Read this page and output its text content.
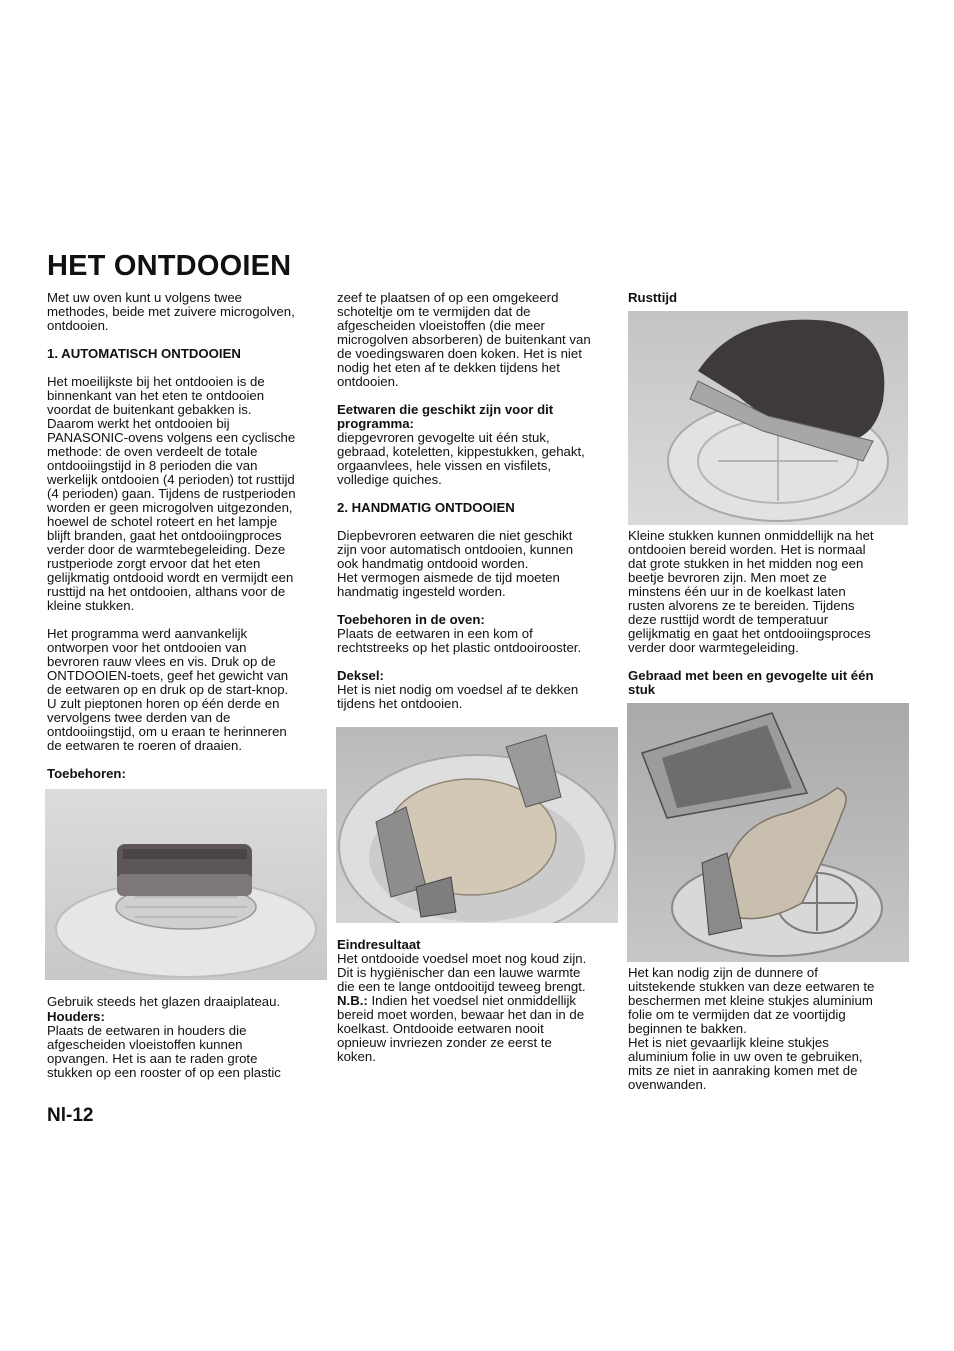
HET ONTDOOIEN

Met uw oven kunt u volgens twee
methodes, beide met zuivere microgolven,
ontdooien.

1. AUTOMATISCH ONTDOOIEN

Het moeilijkste bij het ontdooien is de
binnenkant van het eten te ontdooien
voordat de buitenkant gebakken is.
Daarom werkt het ontdooien bij
PANASONIC-ovens volgens een cyclische
methode: de oven verdeelt de totale
ontdooiingstijd in 8 perioden die van
werkelijk ontdooien (4 perioden) tot rusttijd
(4 perioden) gaan. Tijdens de rustperioden
worden er geen microgolven uitgezonden,
hoewel de schotel roteert en het lampje
blijft branden, gaat het ontdooiingproces
verder door de warmtebegeleiding. Deze
rustperiode zorgt ervoor dat het eten
gelijkmatig ontdooid wordt en vermijdt een
rusttijd na het ontdooien, althans voor de
kleine stukken.

Het programma werd aanvankelijk
ontworpen voor het ontdooien van
bevroren rauw vlees en vis. Druk op de
ONTDOOIEN-toets, geef het gewicht van
de eetwaren op en druk op de start-knop.
U zult pieptonen horen op één derde en
vervolgens twee derden van de
ontdooiingstijd, om u eraan te herinneren
de eetwaren te roeren of draaien.

Toebehoren:

Gebruik steeds het glazen draaiplateau.

Houders:

Plaats de eetwaren in houders die
afgescheiden vloeistoffen kunnen
opvangen. Het is aan te raden grote
stukken op een rooster of op een plastic

zeef te plaatsen of op een omgekeerd
schoteltje om te vermijden dat de
afgescheiden vloeistoffen (die meer
microgolven absorberen) de buitenkant van
de voedingswaren doen koken. Het is niet
nodig het eten af te dekken tijdens het
ontdooien.

Eetwaren die geschikt zijn voor dit
programma:

diepgevroren gevogelte uit één stuk,
gebraad, koteletten, kippestukken, gehakt,
orgaanvlees, hele vissen en visfilets,
volledige quiches.

2. HANDMATIG ONTDOOIEN

Diepbevroren eetwaren die niet geschikt
zijn voor automatisch ontdooien, kunnen
ook handmatig ontdooid worden.
Het vermogen aismede de tijd moeten
handmatig ingesteld worden.

Toebehoren in de oven:

Plaats de eetwaren in een kom of
rechtstreeks op het plastic ontdooirooster.

Deksel:

Het is niet nodig om voedsel af te dekken
tijdens het ontdooien.

Eindresultaat

Het ontdooide voedsel moet nog koud zijn.
Dit is hygiënischer dan een lauwe warmte
die een te lange ontdooitijd teweeg brengt.

N.B.: Indien het voedsel niet onmiddellijk
bereid moet worden, bewaar het dan in de
koelkast. Ontdooide eetwaren nooit
opnieuw invriezen zonder ze eerst te
koken.

Rusttijd

Kleine stukken kunnen onmiddellijk na het
ontdooien bereid worden. Het is normaal
dat grote stukken in het midden nog een
beetje bevroren zijn. Men moet ze
minstens één uur in de koelkast laten
rusten alvorens ze te bereiden. Tijdens
deze rusttijd wordt de temperatuur
gelijkmatig en gaat het ontdooiingsproces
verder door warmtegeleiding.

Gebraad met been en gevogelte uit één
stuk

Het kan nodig zijn de dunnere of
uitstekende stukken van deze eetwaren te
beschermen met kleine stukjes aluminium
folie om te vermijden dat ze voortijdig
beginnen te bakken.
Het is niet gevaarlijk kleine stukjes
aluminium folie in uw oven te gebruiken,
mits ze niet in aanraking komen met de
ovenwanden.

Nl-12
